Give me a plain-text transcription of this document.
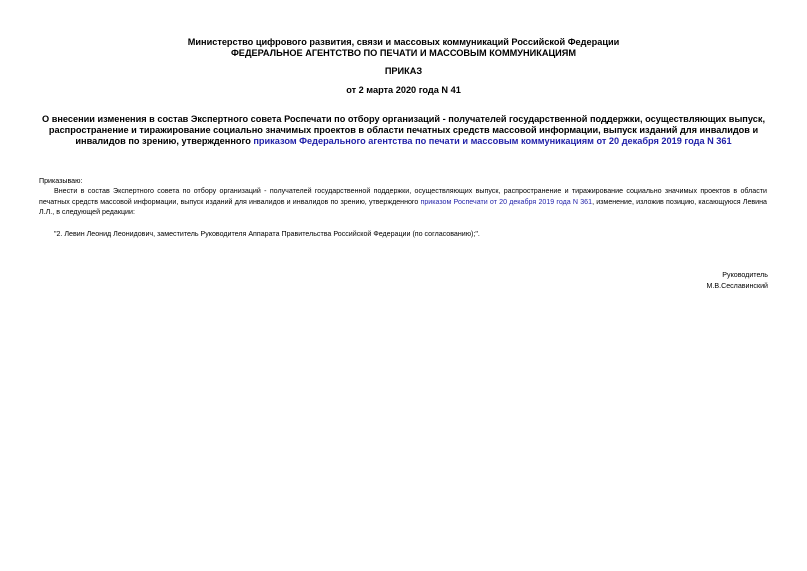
Министерство цифрового развития, связи и массовых коммуникаций Российской Федерации
ФЕДЕРАЛЬНОЕ АГЕНТСТВО ПО ПЕЧАТИ И МАССОВЫМ КОММУНИКАЦИЯМ
ПРИКАЗ
от 2 марта 2020 года N 41
О внесении изменения в состав Экспертного совета Роспечати по отбору организаций - получателей государственной поддержки, осуществляющих выпуск, распространение и тиражирование социально значимых проектов в области печатных средств массовой информации, выпуск изданий для инвалидов и инвалидов по зрению, утвержденного приказом Федерального агентства по печати и массовым коммуникациям от 20 декабря 2019 года N 361
Приказываю:
Внести в состав Экспертного совета по отбору организаций - получателей государственной поддержки, осуществляющих выпуск, распространение и тиражирование социально значимых проектов в области печатных средств массовой информации, выпуск изданий для инвалидов и инвалидов по зрению, утвержденного приказом Роспечати от 20 декабря 2019 года N 361, изменение, изложив позицию, касающуюся Левина Л.Л., в следующей редакции:
"2. Левин Леонид Леонидович, заместитель Руководителя Аппарата Правительства Российской Федерации (по согласованию);".
Руководитель
М.В.Сеславинский
